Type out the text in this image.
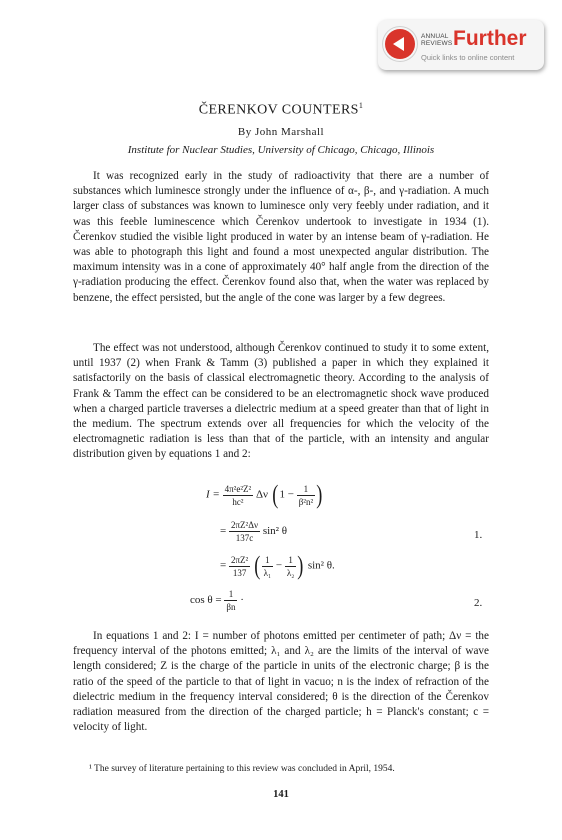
ANNUAL REVIEWS Further
Quick links to online content
ČERENKOV COUNTERS$^1$
By John Marshall
Institute for Nuclear Studies, University of Chicago, Chicago, Illinois

It was recognized early in the study of radioactivity that there are a number of substances which luminesce strongly under the influence of α-, β-, and γ-radiation. A much larger class of substances was known to luminesce only very feebly under radiation, and it was this feeble luminescence which Čerenkov undertook to investigate in 1934 (1). Čerenkov studied the visible light produced in water by an intense beam of γ-radiation. He was able to photograph this light and found a most unexpected angular distribution. The maximum intensity was in a cone of approximately 40° half angle from the direction of the γ-radiation producing the effect. Čerenkov found also that, when the water was replaced by benzene, the effect persisted, but the angle of the cone was larger by a few degrees.

The effect was not understood, although Čerenkov continued to study it to some extent, until 1937 (2) when Frank & Tamm (3) published a paper in which they explained it satisfactorily on the basis of classical electromagnetic theory. According to the analysis of Frank & Tamm the effect can be considered to be an electromagnetic shock wave produced when a charged particle traverses a dielectric medium at a speed greater than that of light in the medium. The spectrum extends over all frequencies for which the velocity of the electromagnetic radiation is less than that of the particle, with an intensity and angular distribution given by equations 1 and 2:

$I = \frac{\text{4π²e²Z²}}{\text{hc²}}$ Δν ($1 - \frac{1}{\text{β²n²}}$ )
= $\frac{\text{2πZ²Δν}}{137c} \sin^2$ θ	1.
= $\frac{\text{2πZ²}}{137}$ ( $\frac{1}{\text{λ₁}} - \frac{1}{\text{λ₂}}$ ) sin² θ.
$\cos \theta = \frac{1}{\beta n}$ ·	2.

In equations 1 and 2: I = number of photons emitted per centimeter of path; Δν = the frequency interval of the photons emitted; λ₁ and λ₂ are the limits of the interval of wave length considered; Z is the charge of the particle in units of the electronic charge; β is the ratio of the speed of the particle to that of light in vacuo; n is the index of refraction of the dielectric medium in the frequency interval considered; θ is the direction of the Čerenkov radiation measured from the direction of the charged particle; h = Planck's constant; c = velocity of light.

¹ The survey of literature pertaining to this review was concluded in April, 1954.
141
